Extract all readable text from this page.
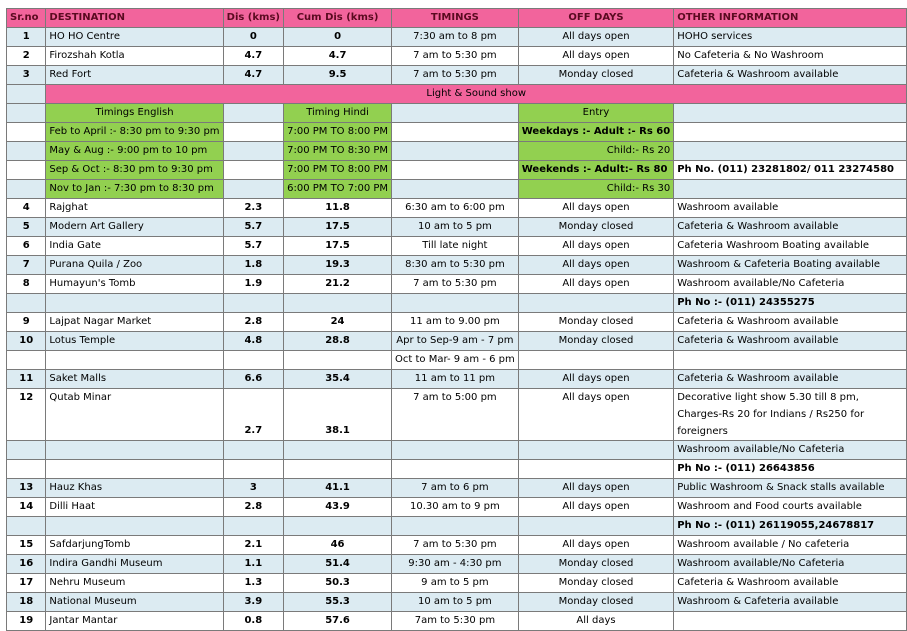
Sr.no	DESTINATION	Dis (kms)	Cum Dis (kms)	TIMINGS	OFF DAYS	OTHER INFORMATION
1	HO HO Centre	0	0	7:30 am to 8 pm	All days open	HOHO services
2	Firozshah Kotla	4.7	4.7	7 am to 5:30 pm	All days open	No Cafeteria & No Washroom
3	Red Fort	4.7	9.5	7 am to 5:30 pm	Monday closed	Cafeteria & Washroom available
	Light & Sound show					
	Timings English		Timing Hindi		Entry	
	Feb to April :- 8:30 pm to 9:30 pm		7:00 PM TO 8:00 PM		Weekdays :- Adult :- Rs 60	
	May & Aug :- 9:00 pm to 10 pm		7:00 PM TO 8:30 PM		Child:- Rs 20	
	Sep & Oct :- 8:30 pm to 9:30 pm		7:00 PM TO 8:00 PM		Weekends :- Adult:- Rs 80	Ph No. (011) 23281802/ 011 23274580
	Nov to Jan :- 7:30 pm to 8:30 pm		6:00 PM TO 7:00 PM		Child:- Rs 30	
4	Rajghat	2.3	11.8	6:30 am to 6:00 pm	All days open	Washroom available
5	Modern Art Gallery	5.7	17.5	10 am to 5 pm	Monday closed	Cafeteria & Washroom available
6	India Gate	5.7	17.5	Till late night	All days open	Cafeteria Washroom Boating available
7	Purana Quila / Zoo	1.8	19.3	8:30 am to 5:30 pm	All days open	Washroom & Cafeteria Boating available
8	Humayun's Tomb	1.9	21.2	7 am to 5:30 pm	All days open	Washroom available/No Cafeteria
						Ph No :- (011) 24355275
9	Lajpat Nagar Market	2.8	24	11 am to 9.00 pm	Monday closed	Cafeteria & Washroom available
10	Lotus Temple	4.8	28.8	Apr to Sep-9 am - 7 pm	Monday closed	Cafeteria & Washroom available
				Oct to Mar- 9 am - 6 pm		
11	Saket Malls	6.6	35.4	11 am to 11 pm	All days open	Cafeteria & Washroom available
12	Qutab Minar	2.7	38.1	7 am to 5:00 pm	All days open	Decorative light show 5.30 till 8 pm, Charges-Rs 20 for Indians / Rs250 for foreigners
						Washroom available/No Cafeteria
						Ph No :- (011) 26643856
13	Hauz Khas	3	41.1	7 am to 6 pm	All days open	Public Washroom & Snack stalls available
14	Dilli Haat	2.8	43.9	10.30 am to 9 pm	All days open	Washroom and Food courts available
						Ph No :- (011) 26119055,24678817
15	SafdarjungTomb	2.1	46	7 am to 5:30 pm	All days open	Washroom available / No cafeteria
16	Indira Gandhi Museum	1.1	51.4	9:30 am - 4:30 pm	Monday closed	Washroom available/No Cafeteria
17	Nehru Museum	1.3	50.3	9 am to 5 pm	Monday closed	Cafeteria & Washroom available
18	National Museum	3.9	55.3	10 am to 5 pm	Monday closed	Washroom & Cafeteria available
19	Jantar Mantar	0.8	57.6	7am to 5:30 pm	All days	
